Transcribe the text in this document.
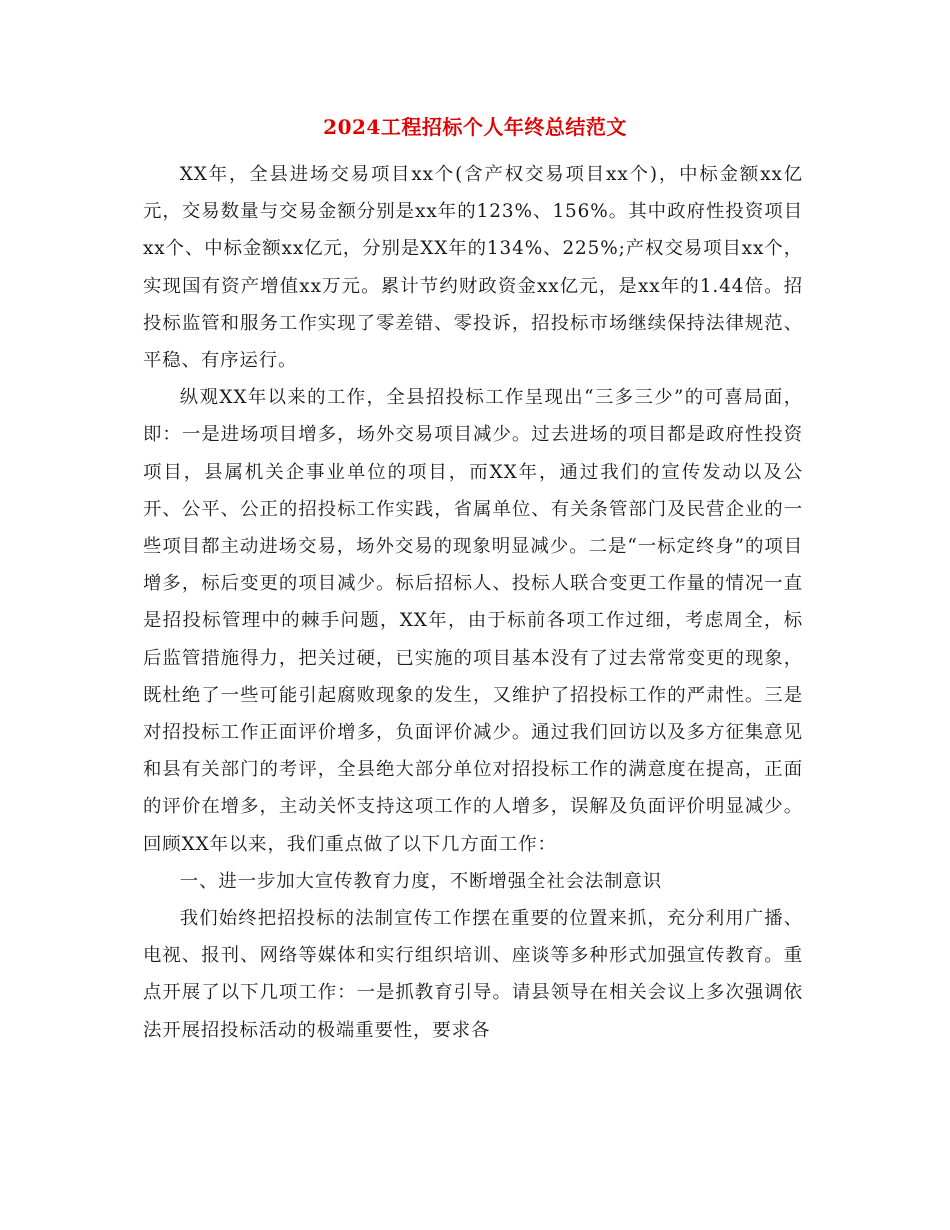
2024工程招标个人年终总结范文

XX年，全县进场交易项目xx个(含产权交易项目xx个)，中标金额xx亿元，交易数量与交易金额分别是xx年的123%、156%。其中政府性投资项目xx个、中标金额xx亿元，分别是XX年的134%、225%;产权交易项目xx个，实现国有资产增值xx万元。累计节约财政资金xx亿元，是xx年的1.44倍。招投标监管和服务工作实现了零差错、零投诉，招投标市场继续保持法律规范、平稳、有序运行。

纵观XX年以来的工作，全县招投标工作呈现出“三多三少”的可喜局面，即：一是进场项目增多，场外交易项目减少。过去进场的项目都是政府性投资项目，县属机关企事业单位的项目，而XX年，通过我们的宣传发动以及公开、公平、公正的招投标工作实践，省属单位、有关条管部门及民营企业的一些项目都主动进场交易，场外交易的现象明显减少。二是“一标定终身”的项目增多，标后变更的项目减少。标后招标人、投标人联合变更工作量的情况一直是招投标管理中的棘手问题，XX年，由于标前各项工作过细，考虑周全，标后监管措施得力，把关过硬，已实施的项目基本没有了过去常常变更的现象，既杜绝了一些可能引起腐败现象的发生，又维护了招投标工作的严肃性。三是对招投标工作正面评价增多，负面评价减少。通过我们回访以及多方征集意见和县有关部门的考评，全县绝大部分单位对招投标工作的满意度在提高，正面的评价在增多，主动关怀支持这项工作的人增多，误解及负面评价明显减少。回顾XX年以来，我们重点做了以下几方面工作：

一、进一步加大宣传教育力度，不断增强全社会法制意识

我们始终把招投标的法制宣传工作摆在重要的位置来抓，充分利用广播、电视、报刊、网络等媒体和实行组织培训、座谈等多种形式加强宣传教育。重点开展了以下几项工作：一是抓教育引导。请县领导在相关会议上多次强调依法开展招投标活动的极端重要性，要求各
